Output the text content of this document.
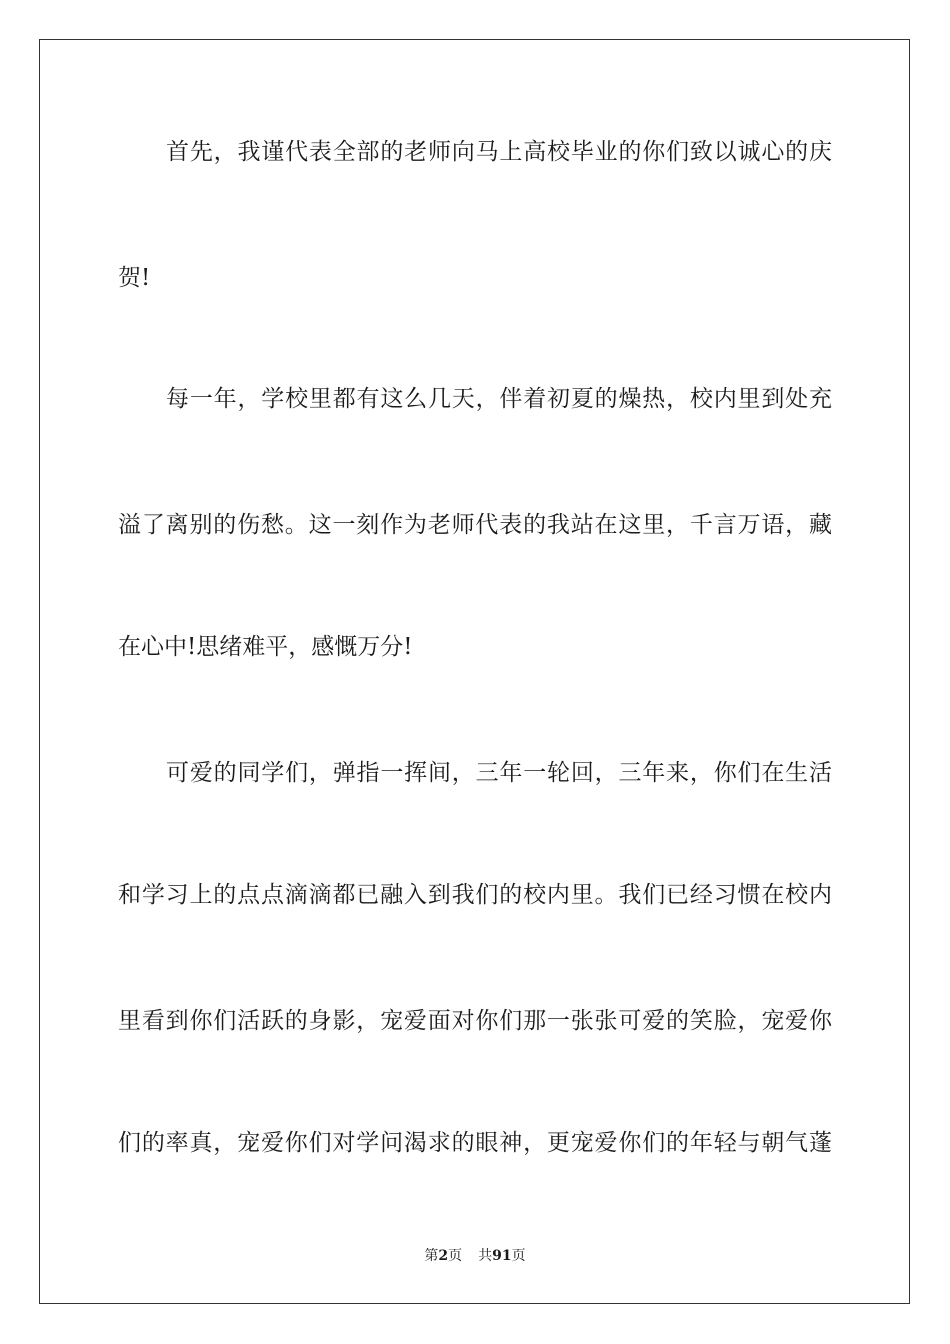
首先，我谨代表全部的老师向马上高校毕业的你们致以诚心的庆
贺!
每一年，学校里都有这么几天，伴着初夏的燥热，校内里到处充
溢了离别的伤愁。这一刻作为老师代表的我站在这里，千言万语，藏
在心中!思绪难平，感慨万分!
可爱的同学们，弹指一挥间，三年一轮回，三年来，你们在生活
和学习上的点点滴滴都已融入到我们的校内里。我们已经习惯在校内
里看到你们活跃的身影，宠爱面对你们那一张张可爱的笑脸，宠爱你
们的率真，宠爱你们对学问渴求的眼神，更宠爱你们的年轻与朝气蓬
第2页 共91页
